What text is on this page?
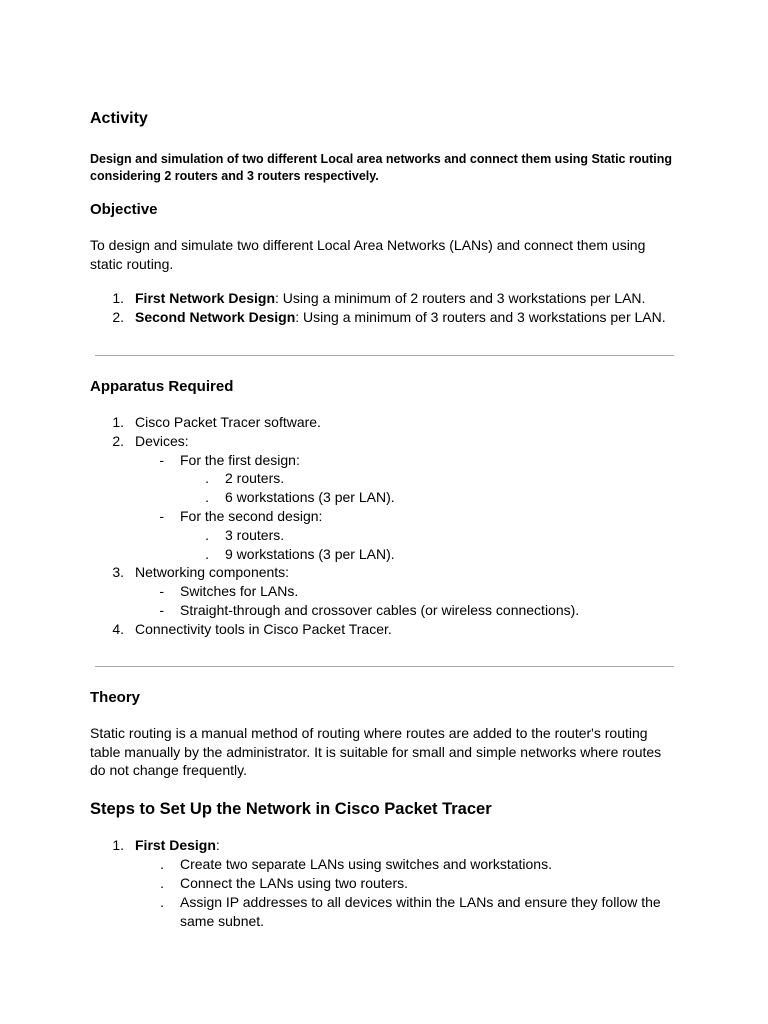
Activity
Design and simulation of two different Local area networks and connect them using Static routing considering 2 routers and 3 routers respectively.
Objective
To design and simulate two different Local Area Networks (LANs) and connect them using static routing.
1. First Network Design: Using a minimum of 2 routers and 3 workstations per LAN.
2. Second Network Design: Using a minimum of 3 routers and 3 workstations per LAN.
Apparatus Required
1. Cisco Packet Tracer software.
2. Devices:
- For the first design:
. 2 routers.
. 6 workstations (3 per LAN).
- For the second design:
. 3 routers.
. 9 workstations (3 per LAN).
3. Networking components:
- Switches for LANs.
- Straight-through and crossover cables (or wireless connections).
4. Connectivity tools in Cisco Packet Tracer.
Theory
Static routing is a manual method of routing where routes are added to the router's routing table manually by the administrator. It is suitable for small and simple networks where routes do not change frequently.
Steps to Set Up the Network in Cisco Packet Tracer
1. First Design:
. Create two separate LANs using switches and workstations.
. Connect the LANs using two routers.
. Assign IP addresses to all devices within the LANs and ensure they follow the same subnet.
